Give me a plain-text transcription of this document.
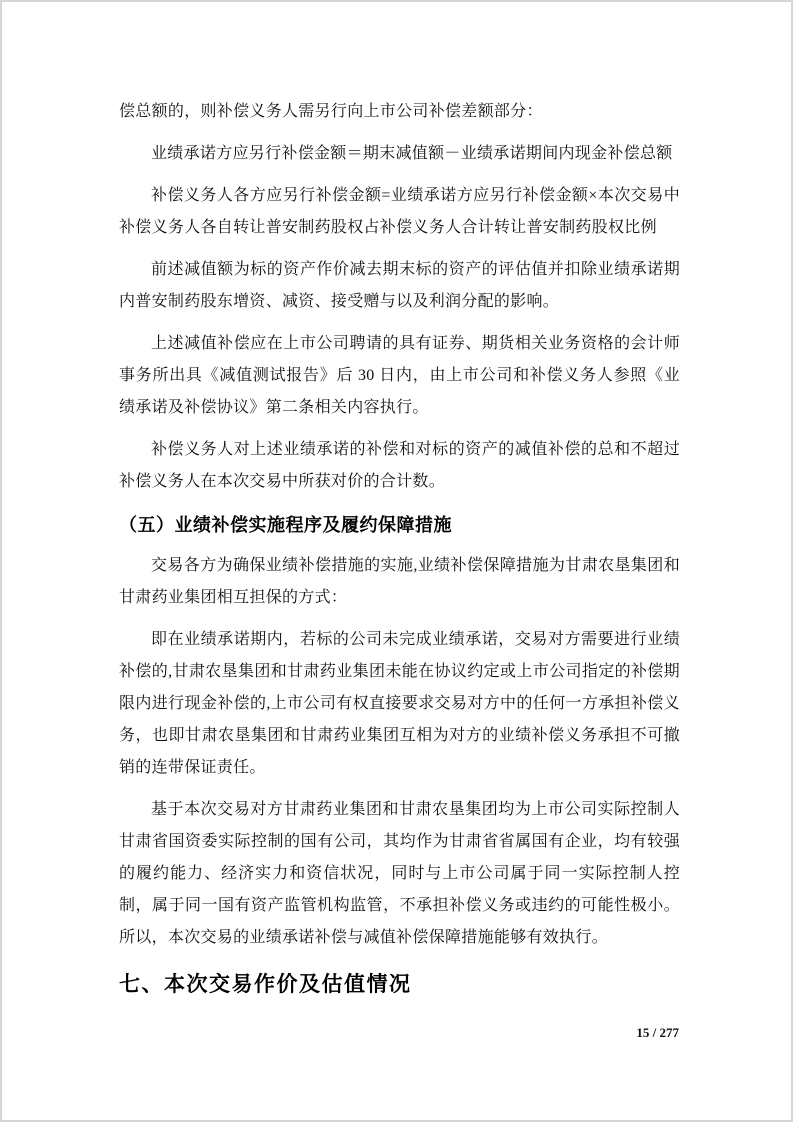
偿总额的，则补偿义务人需另行向上市公司补偿差额部分：

业绩承诺方应另行补偿金额＝期末减值额－业绩承诺期间内现金补偿总额

补偿义务人各方应另行补偿金额=业绩承诺方应另行补偿金额×本次交易中补偿义务人各自转让普安制药股权占补偿义务人合计转让普安制药股权比例

前述减值额为标的资产作价减去期末标的资产的评估值并扣除业绩承诺期内普安制药股东增资、减资、接受赠与以及利润分配的影响。

上述减值补偿应在上市公司聘请的具有证券、期货相关业务资格的会计师事务所出具《减值测试报告》后 30 日内，由上市公司和补偿义务人参照《业绩承诺及补偿协议》第二条相关内容执行。

补偿义务人对上述业绩承诺的补偿和对标的资产的减值补偿的总和不超过补偿义务人在本次交易中所获对价的合计数。

（五）业绩补偿实施程序及履约保障措施

交易各方为确保业绩补偿措施的实施,业绩补偿保障措施为甘肃农垦集团和甘肃药业集团相互担保的方式：

即在业绩承诺期内，若标的公司未完成业绩承诺，交易对方需要进行业绩补偿的,甘肃农垦集团和甘肃药业集团未能在协议约定或上市公司指定的补偿期限内进行现金补偿的,上市公司有权直接要求交易对方中的任何一方承担补偿义务，也即甘肃农垦集团和甘肃药业集团互相为对方的业绩补偿义务承担不可撤销的连带保证责任。

基于本次交易对方甘肃药业集团和甘肃农垦集团均为上市公司实际控制人甘肃省国资委实际控制的国有公司，其均作为甘肃省省属国有企业，均有较强的履约能力、经济实力和资信状况，同时与上市公司属于同一实际控制人控制，属于同一国有资产监管机构监管，不承担补偿义务或违约的可能性极小。所以，本次交易的业绩承诺补偿与减值补偿保障措施能够有效执行。

七、本次交易作价及估值情况
15 / 277
